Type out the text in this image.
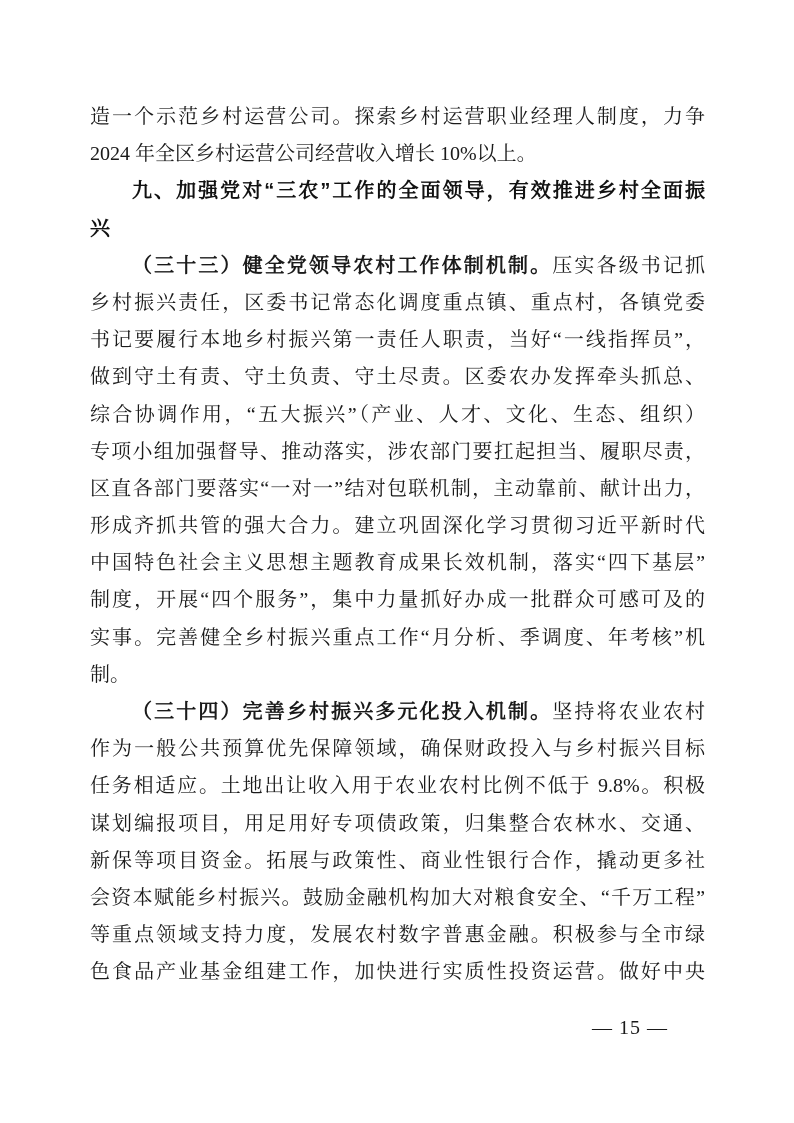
造一个示范乡村运营公司。探索乡村运营职业经理人制度，力争
2024 年全区乡村运营公司经营收入增长 10%以上。
九、加强党对“三农”工作的全面领导，有效推进乡村全面振
兴
（三十三）健全党领导农村工作体制机制。压实各级书记抓
乡村振兴责任，区委书记常态化调度重点镇、重点村，各镇党委
书记要履行本地乡村振兴第一责任人职责，当好“一线指挥员”，
做到守土有责、守土负责、守土尽责。区委农办发挥牵头抓总、
综合协调作用，“五大振兴”（产业、人才、文化、生态、组织）
专项小组加强督导、推动落实，涉农部门要扛起担当、履职尽责，
区直各部门要落实“一对一”结对包联机制，主动靠前、献计出力，
形成齐抓共管的强大合力。建立巩固深化学习贯彻习近平新时代
中国特色社会主义思想主题教育成果长效机制，落实“四下基层”
制度，开展“四个服务”，集中力量抓好办成一批群众可感可及的
实事。完善健全乡村振兴重点工作“月分析、季调度、年考核”机
制。
（三十四）完善乡村振兴多元化投入机制。坚持将农业农村
作为一般公共预算优先保障领域，确保财政投入与乡村振兴目标
任务相适应。土地出让收入用于农业农村比例不低于 9.8%。积极
谋划编报项目，用足用好专项债政策，归集整合农林水、交通、
新保等项目资金。拓展与政策性、商业性银行合作，撬动更多社
会资本赋能乡村振兴。鼓励金融机构加大对粮食安全、“千万工程”
等重点领域支持力度，发展农村数字普惠金融。积极参与全市绿
色食品产业基金组建工作，加快进行实质性投资运营。做好中央
— 15 —
